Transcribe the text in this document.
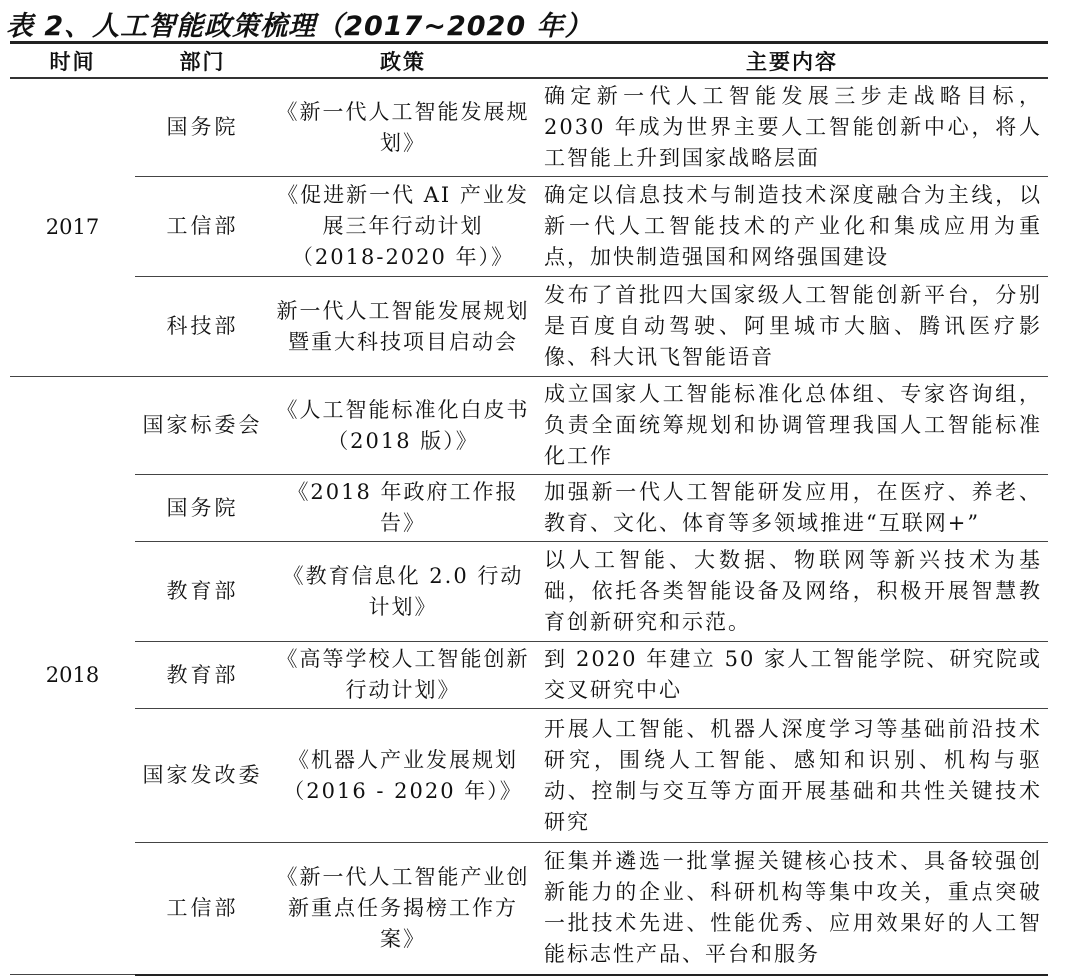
表 2、人工智能政策梳理（2017~2020 年）
时间	部门	政策	主要内容
2017	国务院	《新一代人工智能发展规划》	确定新一代人工智能发展三步走战略目标，2030 年成为世界主要人工智能创新中心，将人工智能上升到国家战略层面
	工信部	《促进新一代 AI 产业发展三年行动计划（2018-2020 年）》	确定以信息技术与制造技术深度融合为主线，以新一代人工智能技术的产业化和集成应用为重点，加快制造强国和网络强国建设
	科技部	新一代人工智能发展规划暨重大科技项目启动会	发布了首批四大国家级人工智能创新平台，分别是百度自动驾驶、阿里城市大脑、腾讯医疗影像、科大讯飞智能语音
2018	国家标委会	《人工智能标准化白皮书（2018 版）》	成立国家人工智能标准化总体组、专家咨询组，负责全面统筹规划和协调管理我国人工智能标准化工作
	国务院	《2018 年政府工作报告》	加强新一代人工智能研发应用，在医疗、养老、教育、文化、体育等多领域推进“互联网+”
	教育部	《教育信息化 2.0 行动计划》	以人工智能、大数据、物联网等新兴技术为基础，依托各类智能设备及网络，积极开展智慧教育创新研究和示范。
	教育部	《高等学校人工智能创新行动计划》	到 2020 年建立 50 家人工智能学院、研究院或交叉研究中心
	国家发改委	《机器人产业发展规划（2016 - 2020 年）》	开展人工智能、机器人深度学习等基础前沿技术研究，围绕人工智能、感知和识别、机构与驱动、控制与交互等方面开展基础和共性关键技术研究
	工信部	《新一代人工智能产业创新重点任务揭榜工作方案》	征集并遴选一批掌握关键核心技术、具备较强创新能力的企业、科研机构等集中攻关，重点突破一批技术先进、性能优秀、应用效果好的人工智能标志性产品、平台和服务
